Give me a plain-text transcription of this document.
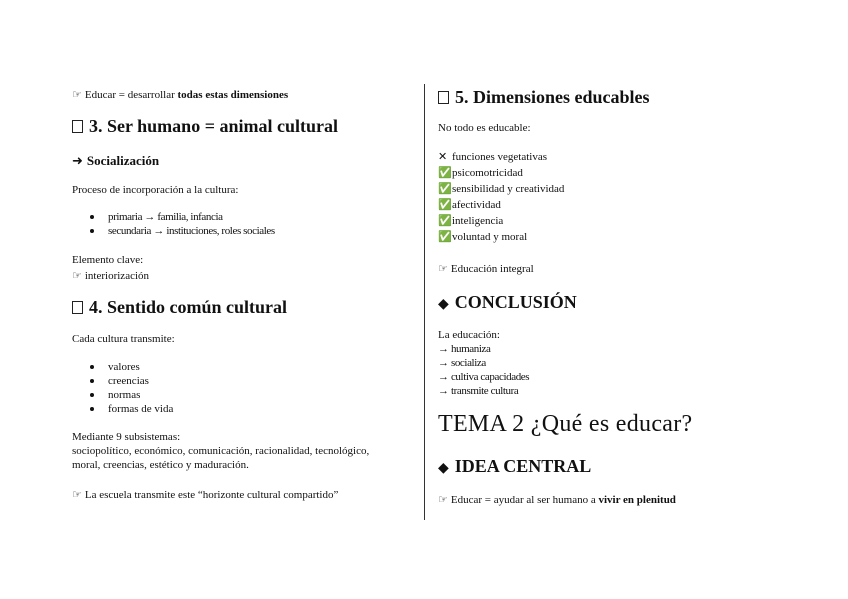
☞ Educar = desarrollar todas estas dimensiones
3. Ser humano = animal cultural
➜ Socialización
Proceso de incorporación a la cultura:
primaria → familia, infancia
secundaria → instituciones, roles sociales
Elemento clave:
☞ interiorización
4. Sentido común cultural
Cada cultura transmite:
valores
creencias
normas
formas de vida
Mediante 9 subsistemas:
sociopolítico, económico, comunicación, racionalidad, tecnológico,
moral, creencias, estético y maduración.
☞ La escuela transmite este “horizonte cultural compartido”
5. Dimensiones educables
No todo es educable:
✕ funciones vegetativas
✅psicomotricidad
✅sensibilidad y creatividad
✅afectividad
✅inteligencia
✅voluntad y moral
☞ Educación integral
◆ CONCLUSIÓN
La educación:
→ humaniza
→ socializa
→ cultiva capacidades
→ transmite cultura
TEMA 2 ¿Qué es educar?
◆ IDEA CENTRAL
☞ Educar = ayudar al ser humano a vivir en plenitud
